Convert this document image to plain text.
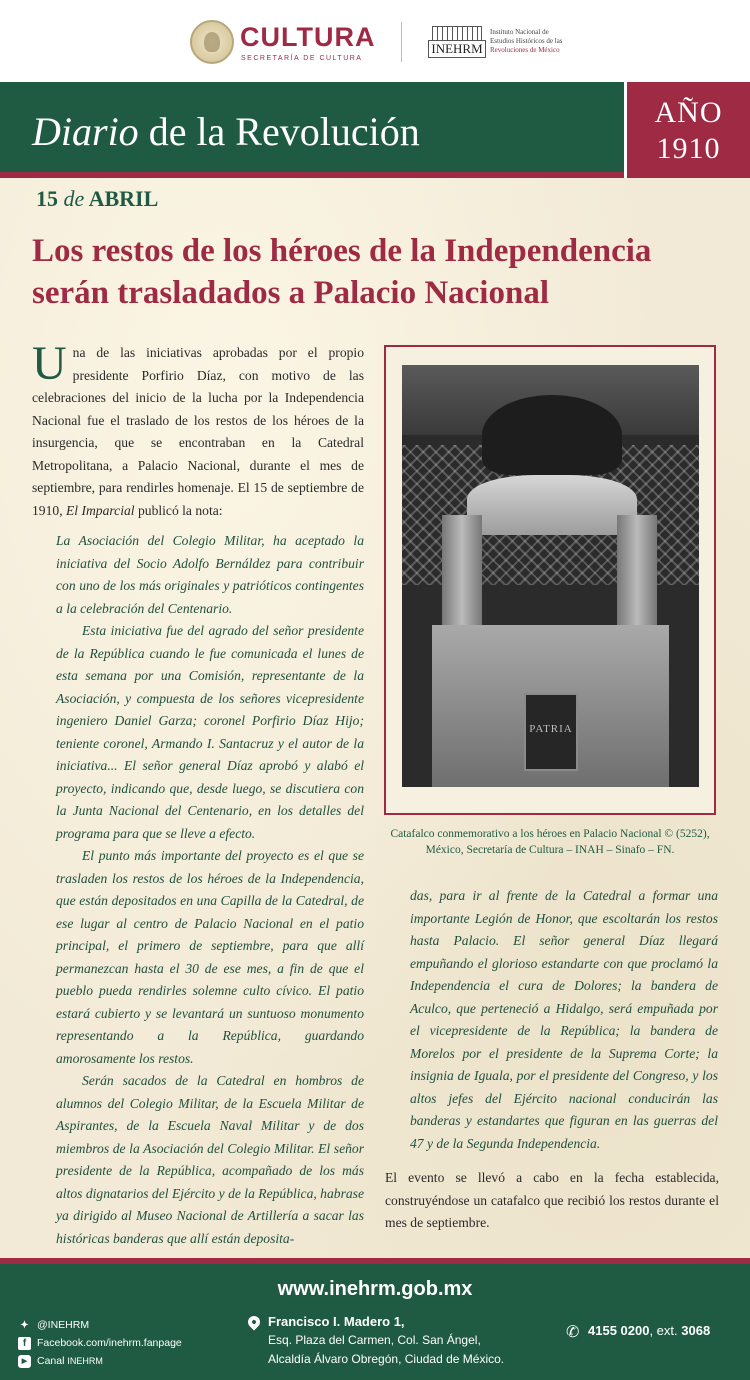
CULTURA
SECRETARÍA DE CULTURA
INEHRM
Instituto Nacional de
Estudios Históricos de las
Revoluciones de México
Diario de la Revolución	AÑO
1910
15 de ABRIL
Los restos de los héroes de la Independencia serán trasladados a Palacio Nacional
Una de las iniciativas aprobadas por el propio presidente Porfirio Díaz, con motivo de las celebraciones del inicio de la lucha por la Independencia Nacional fue el traslado de los restos de los héroes de la insurgencia, que se encontraban en la Catedral Metropolitana, a Palacio Nacional, durante el mes de septiembre, para rendirles homenaje. El 15 de septiembre de 1910, El Imparcial publicó la nota:

La Asociación del Colegio Militar, ha aceptado la iniciativa del Socio Adolfo Bernáldez para contribuir con uno de los más originales y patrióticos contingentes a la celebración del Centenario.

Esta iniciativa fue del agrado del señor presidente de la República cuando le fue comunicada el lunes de esta semana por una Comisión, representante de la Asociación, y compuesta de los señores vicepresidente ingeniero Daniel Garza; coronel Porfirio Díaz Hijo; teniente coronel, Armando I. Santacruz y el autor de la iniciativa... El señor general Díaz aprobó y alabó el proyecto, indicando que, desde luego, se discutiera con la Junta Nacional del Centenario, en los detalles del programa para que se lleve a efecto.

El punto más importante del proyecto es el que se trasladen los restos de los héroes de la Independencia, que están depositados en una Capilla de la Catedral, de ese lugar al centro de Palacio Nacional en el patio principal, el primero de septiembre, para que allí permanezcan hasta el 30 de ese mes, a fin de que el pueblo pueda rendirles solemne culto cívico. El patio estará cubierto y se levantará un suntuoso monumento representando a la República, guardando amorosamente los restos.

Serán sacados de la Catedral en hombros de alumnos del Colegio Militar, de la Escuela Militar de Aspirantes, de la Escuela Naval Militar y de dos miembros de la Asociación del Colegio Militar. El señor presidente de la República, acompañado de los más altos dignatarios del Ejército y de la República, habrase ya dirigido al Museo Nacional de Artillería a sacar las históricas banderas que allí están deposita-

PATRIA
Catafalco conmemorativo a los héroes en Palacio Nacional © (5252),
México, Secretaría de Cultura – INAH – Sinafo – FN.
das, para ir al frente de la Catedral a formar una importante Legión de Honor, que escoltarán los restos hasta Palacio. El señor general Díaz llegará empuñando el glorioso estandarte con que proclamó la Independencia el cura de Dolores; la bandera de Aculco, que perteneció a Hidalgo, será empuñada por el vicepresidente de la República; la bandera de Morelos por el presidente de la Suprema Corte; la insignia de Iguala, por el presidente del Congreso, y los altos jefes del Ejército nacional conducirán las banderas y estandartes que figuran en las guerras del 47 y de la Segunda Independencia.
El evento se llevó a cabo en la fecha establecida, construyéndose un catafalco que recibió los restos durante el mes de septiembre.
www.inehrm.gob.mx
✦ @INEHRM
f	Facebook.com/inehrm.fanpage
▶ Canal
INEHRM
Francisco I. Madero 1,
Esq. Plaza del Carmen, Col. San Ángel,
Alcaldía Álvaro Obregón, Ciudad de México.
✆ 4155 0200, ext. 3068
